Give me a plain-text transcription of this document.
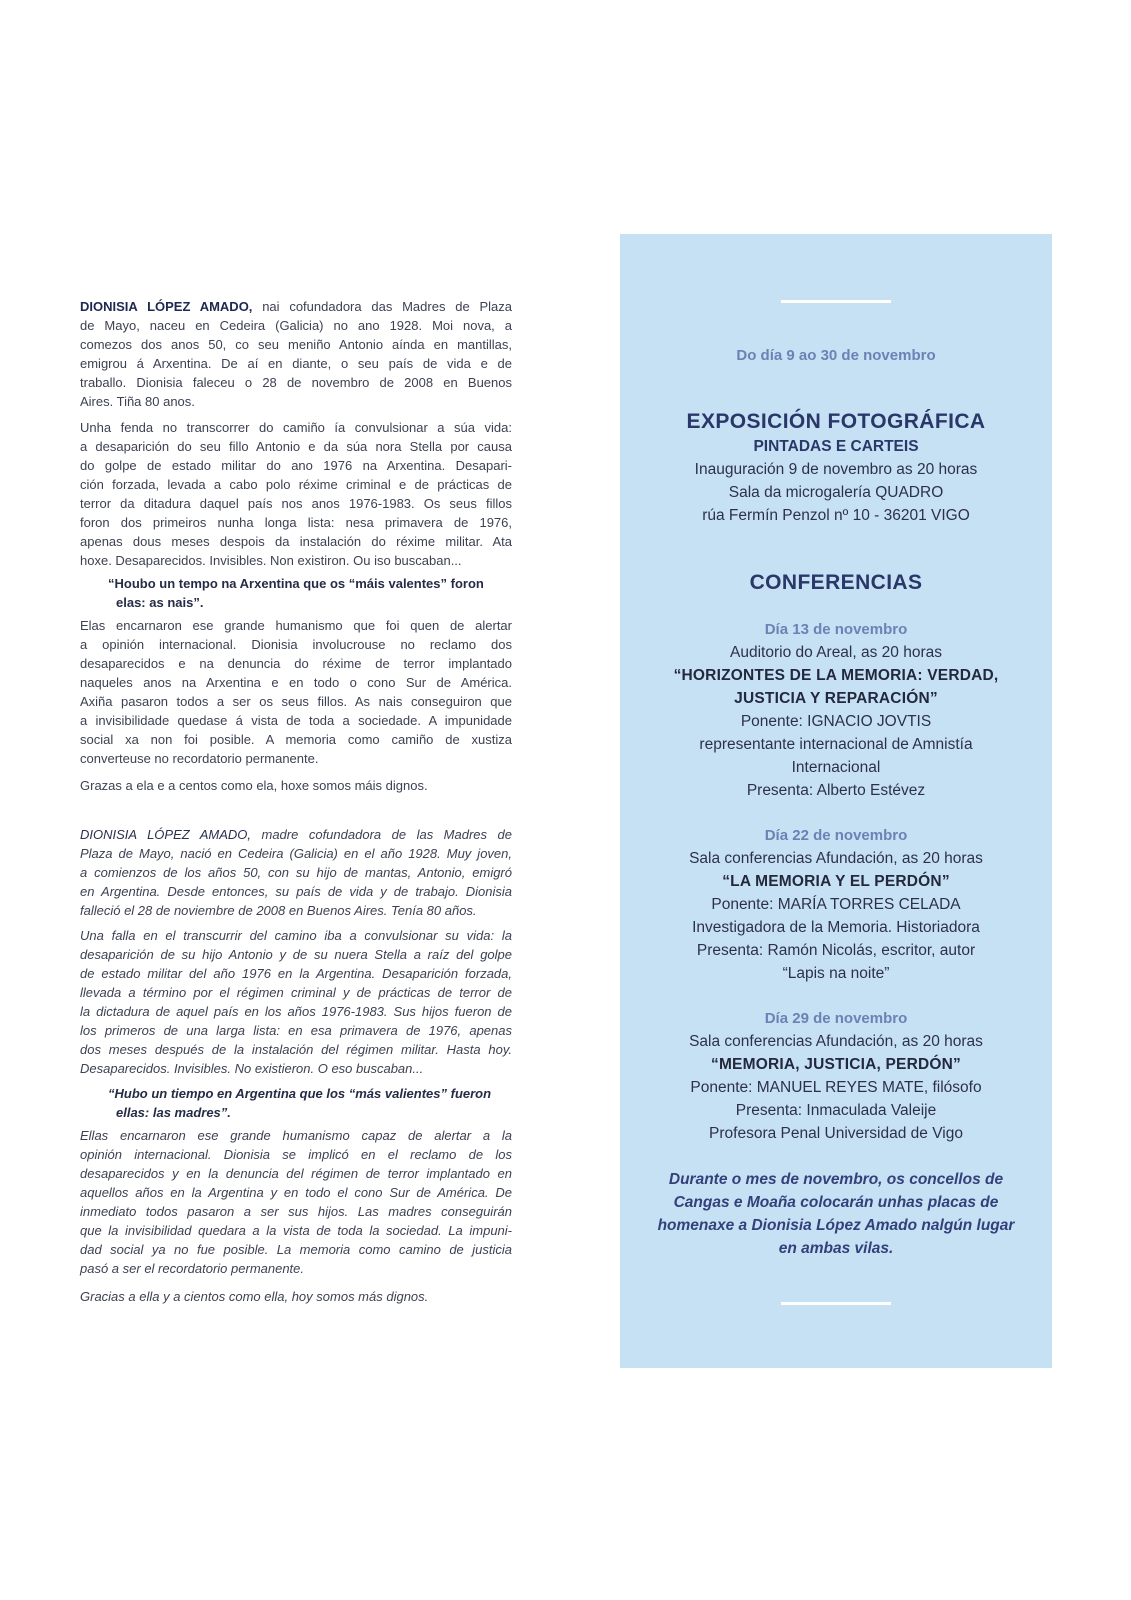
DIONISIA LÓPEZ AMADO, nai cofundadora das Madres de Plaza
de Mayo, naceu en Cedeira (Galicia) no ano 1928. Moi nova, a
comezos dos anos 50, co seu meniño Antonio aínda en mantillas,
emigrou á Arxentina. De aí en diante, o seu país de vida e de
traballo. Dionisia faleceu o 28 de novembro de 2008 en Buenos
Aires. Tiña 80 anos.
Unha fenda no transcorrer do camiño ía convulsionar a súa vida:
a desaparición do seu fillo Antonio e da súa nora Stella por causa
do golpe de estado militar do ano 1976 na Arxentina. Desapari-
ción forzada, levada a cabo polo réxime criminal e de prácticas de
terror da ditadura daquel país nos anos 1976-1983. Os seus fillos
foron dos primeiros nunha longa lista: nesa primavera de 1976,
apenas dous meses despois da instalación do réxime militar. Ata
hoxe. Desaparecidos. Invisibles. Non existiron. Ou iso buscaban...
“Houbo un tempo na Arxentina que os “máis valentes” foron
elas: as nais”.
Elas encarnaron ese grande humanismo que foi quen de alertar
a opinión internacional. Dionisia involucrouse no reclamo dos
desaparecidos e na denuncia do réxime de terror implantado
naqueles anos na Arxentina e en todo o cono Sur de América.
Axiña pasaron todos a ser os seus fillos. As nais conseguiron que
a invisibilidade quedase á vista de toda a sociedade. A impunidade
social xa non foi posible. A memoria como camiño de xustiza
converteuse no recordatorio permanente.
Grazas a ela e a centos como ela, hoxe somos máis dignos.
DIONISIA LÓPEZ AMADO, madre cofundadora de las Madres de
Plaza de Mayo, nació en Cedeira (Galicia) en el año 1928. Muy joven,
a comienzos de los años 50, con su hijo de mantas, Antonio, emigró
en Argentina. Desde entonces, su país de vida y de trabajo. Dionisia
falleció el 28 de noviembre de 2008 en Buenos Aires. Tenía 80 años.
Una falla en el transcurrir del camino iba a convulsionar su vida: la
desaparición de su hijo Antonio y de su nuera Stella a raíz del golpe
de estado militar del año 1976 en la Argentina. Desaparición forzada,
llevada a término por el régimen criminal y de prácticas de terror de
la dictadura de aquel país en los años 1976-1983. Sus hijos fueron de
los primeros de una larga lista: en esa primavera de 1976, apenas
dos meses después de la instalación del régimen militar. Hasta hoy.
Desaparecidos. Invisibles. No existieron. O eso buscaban...
“Hubo un tiempo en Argentina que los “más valientes” fueron
ellas: las madres”.
Ellas encarnaron ese grande humanismo capaz de alertar a la
opinión internacional. Dionisia se implicó en el reclamo de los
desaparecidos y en la denuncia del régimen de terror implantado en
aquellos años en la Argentina y en todo el cono Sur de América. De
inmediato todos pasaron a ser sus hijos. Las madres conseguirán
que la invisibilidad quedara a la vista de toda la sociedad. La impuni-
dad social ya no fue posible. La memoria como camino de justicia
pasó a ser el recordatorio permanente.
Gracias a ella y a cientos como ella, hoy somos más dignos.
Do día 9 ao 30 de novembro
EXPOSICIÓN FOTOGRÁFICA
PINTADAS E CARTEIS
Inauguración 9 de novembro as 20 horas
Sala da microgalería QUADRO
rúa Fermín Penzol nº 10 - 36201 VIGO
CONFERENCIAS
Día 13 de novembro
Auditorio do Areal, as 20 horas
“HORIZONTES DE LA MEMORIA: VERDAD,
JUSTICIA Y REPARACIÓN”
Ponente: IGNACIO JOVTIS
representante internacional de Amnistía
Internacional
Presenta: Alberto Estévez
Día 22 de novembro
Sala conferencias Afundación, as 20 horas
“LA MEMORIA Y EL PERDÓN”
Ponente: MARÍA TORRES CELADA
Investigadora de la Memoria. Historiadora
Presenta: Ramón Nicolás, escritor, autor
“Lapis na noite”
Día 29 de novembro
Sala conferencias Afundación, as 20 horas
“MEMORIA, JUSTICIA, PERDÓN”
Ponente: MANUEL REYES MATE, filósofo
Presenta: Inmaculada Valeije
Profesora Penal Universidad de Vigo
Durante o mes de novembro, os concellos de
Cangas e Moaña colocarán unhas placas de
homenaxe a Dionisia López Amado nalgún lugar
en ambas vilas.
